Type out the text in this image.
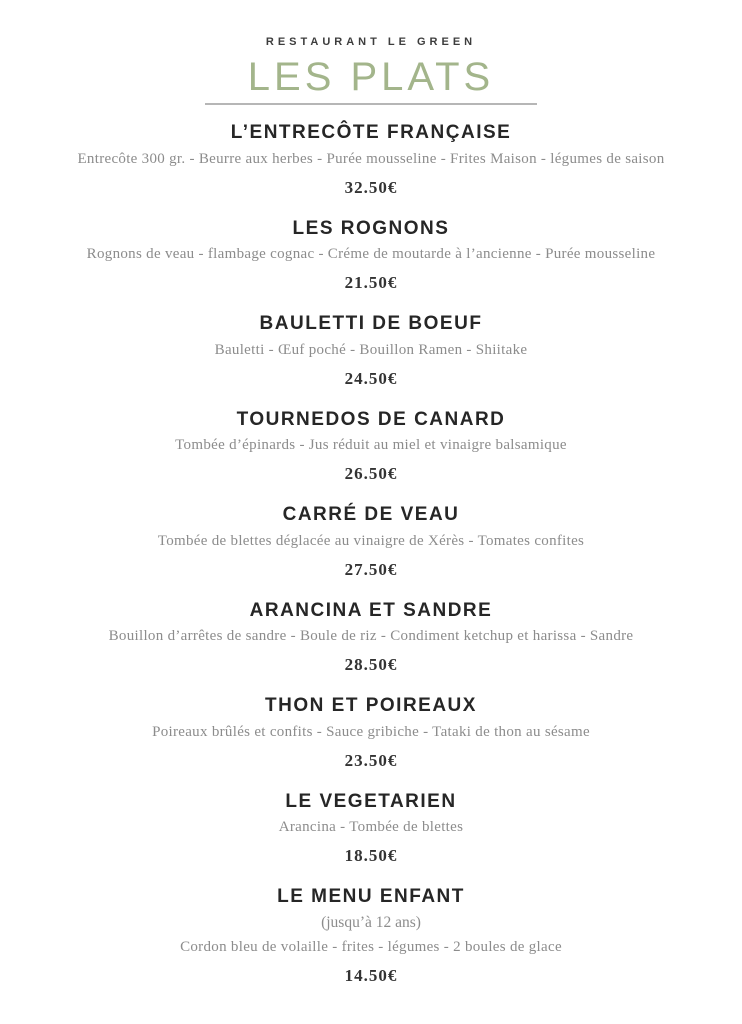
RESTAURANT LE GREEN
LES PLATS
L’ENTRECÔTE FRANÇAISE
Entrecôte 300 gr. - Beurre aux herbes - Purée mousseline - Frites Maison - légumes de saison
32.50€
LES ROGNONS
Rognons de veau - flambage cognac - Créme de moutarde à l’ancienne - Purée mousseline
21.50€
BAULETTI DE BOEUF
Bauletti - Œuf poché - Bouillon Ramen - Shiitake
24.50€
TOURNEDOS DE CANARD
Tombée d’épinards - Jus réduit au miel et vinaigre balsamique
26.50€
CARRÉ DE VEAU
Tombée de blettes déglacée au vinaigre de Xérès - Tomates confites
27.50€
ARANCINA ET SANDRE
Bouillon d’arrêtes de sandre - Boule de riz - Condiment ketchup et harissa - Sandre
28.50€
THON ET POIREAUX
Poireaux brûlés et confits - Sauce gribiche - Tataki de thon au sésame
23.50€
LE VEGETARIEN
Arancina - Tombée de blettes
18.50€
LE MENU ENFANT
(jusqu’à 12 ans)
Cordon bleu de volaille - frites - légumes - 2 boules de glace
14.50€
